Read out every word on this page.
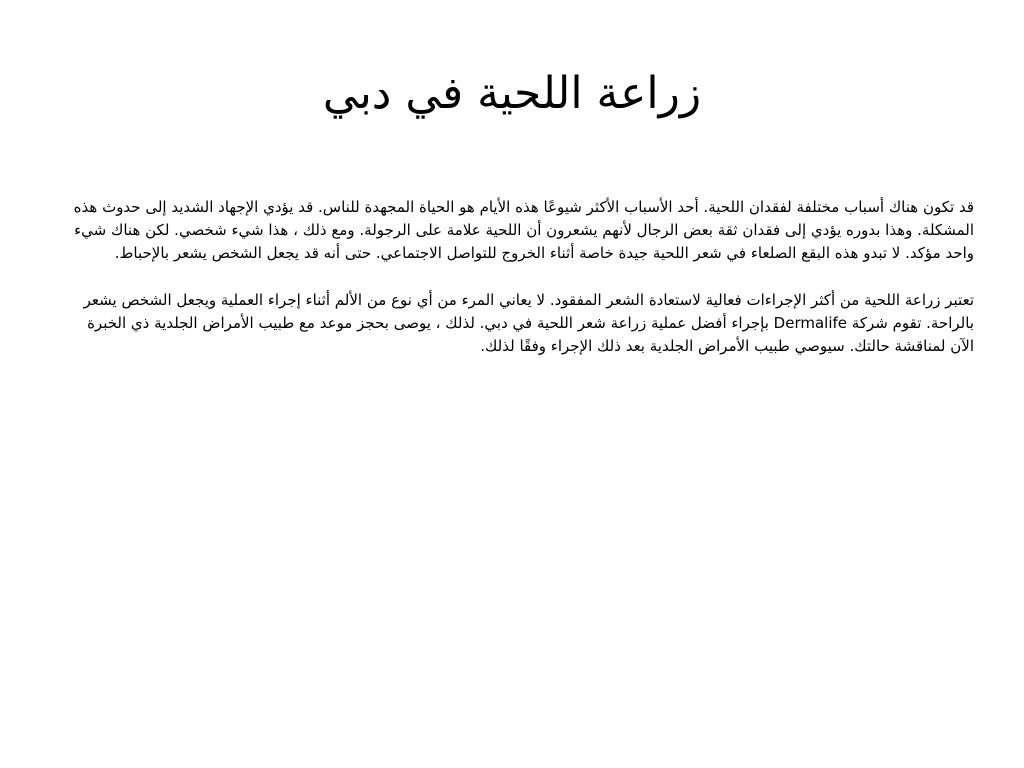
زراعة اللحية في دبي

قد تكون هناك أسباب مختلفة لفقدان اللحية. أحد الأسباب الأكثر شيوعًا هذه الأيام هو الحياة المجهدة للناس. قد يؤدي الإجهاد الشديد إلى حدوث هذه المشكلة. وهذا بدوره يؤدي إلى فقدان ثقة بعض الرجال لأنهم يشعرون أن اللحية علامة على الرجولة. ومع ذلك ، هذا شيء شخصي. لكن هناك شيء واحد مؤكد. لا تبدو هذه البقع الصلعاء في شعر اللحية جيدة خاصة أثناء الخروج للتواصل الاجتماعي. حتى أنه قد يجعل الشخص يشعر بالإحباط.

تعتبر زراعة اللحية من أكثر الإجراءات فعالية لاستعادة الشعر المفقود. لا يعاني المرء من أي نوع من الألم أثناء إجراء العملية ويجعل الشخص يشعر بالراحة. تقوم شركة Dermalife بإجراء أفضل عملية زراعة شعر اللحية في دبي. لذلك ، يوصى بحجز موعد مع طبيب الأمراض الجلدية ذي الخبرة الآن لمناقشة حالتك. سيوصي طبيب الأمراض الجلدية بعد ذلك الإجراء وفقًا لذلك.
